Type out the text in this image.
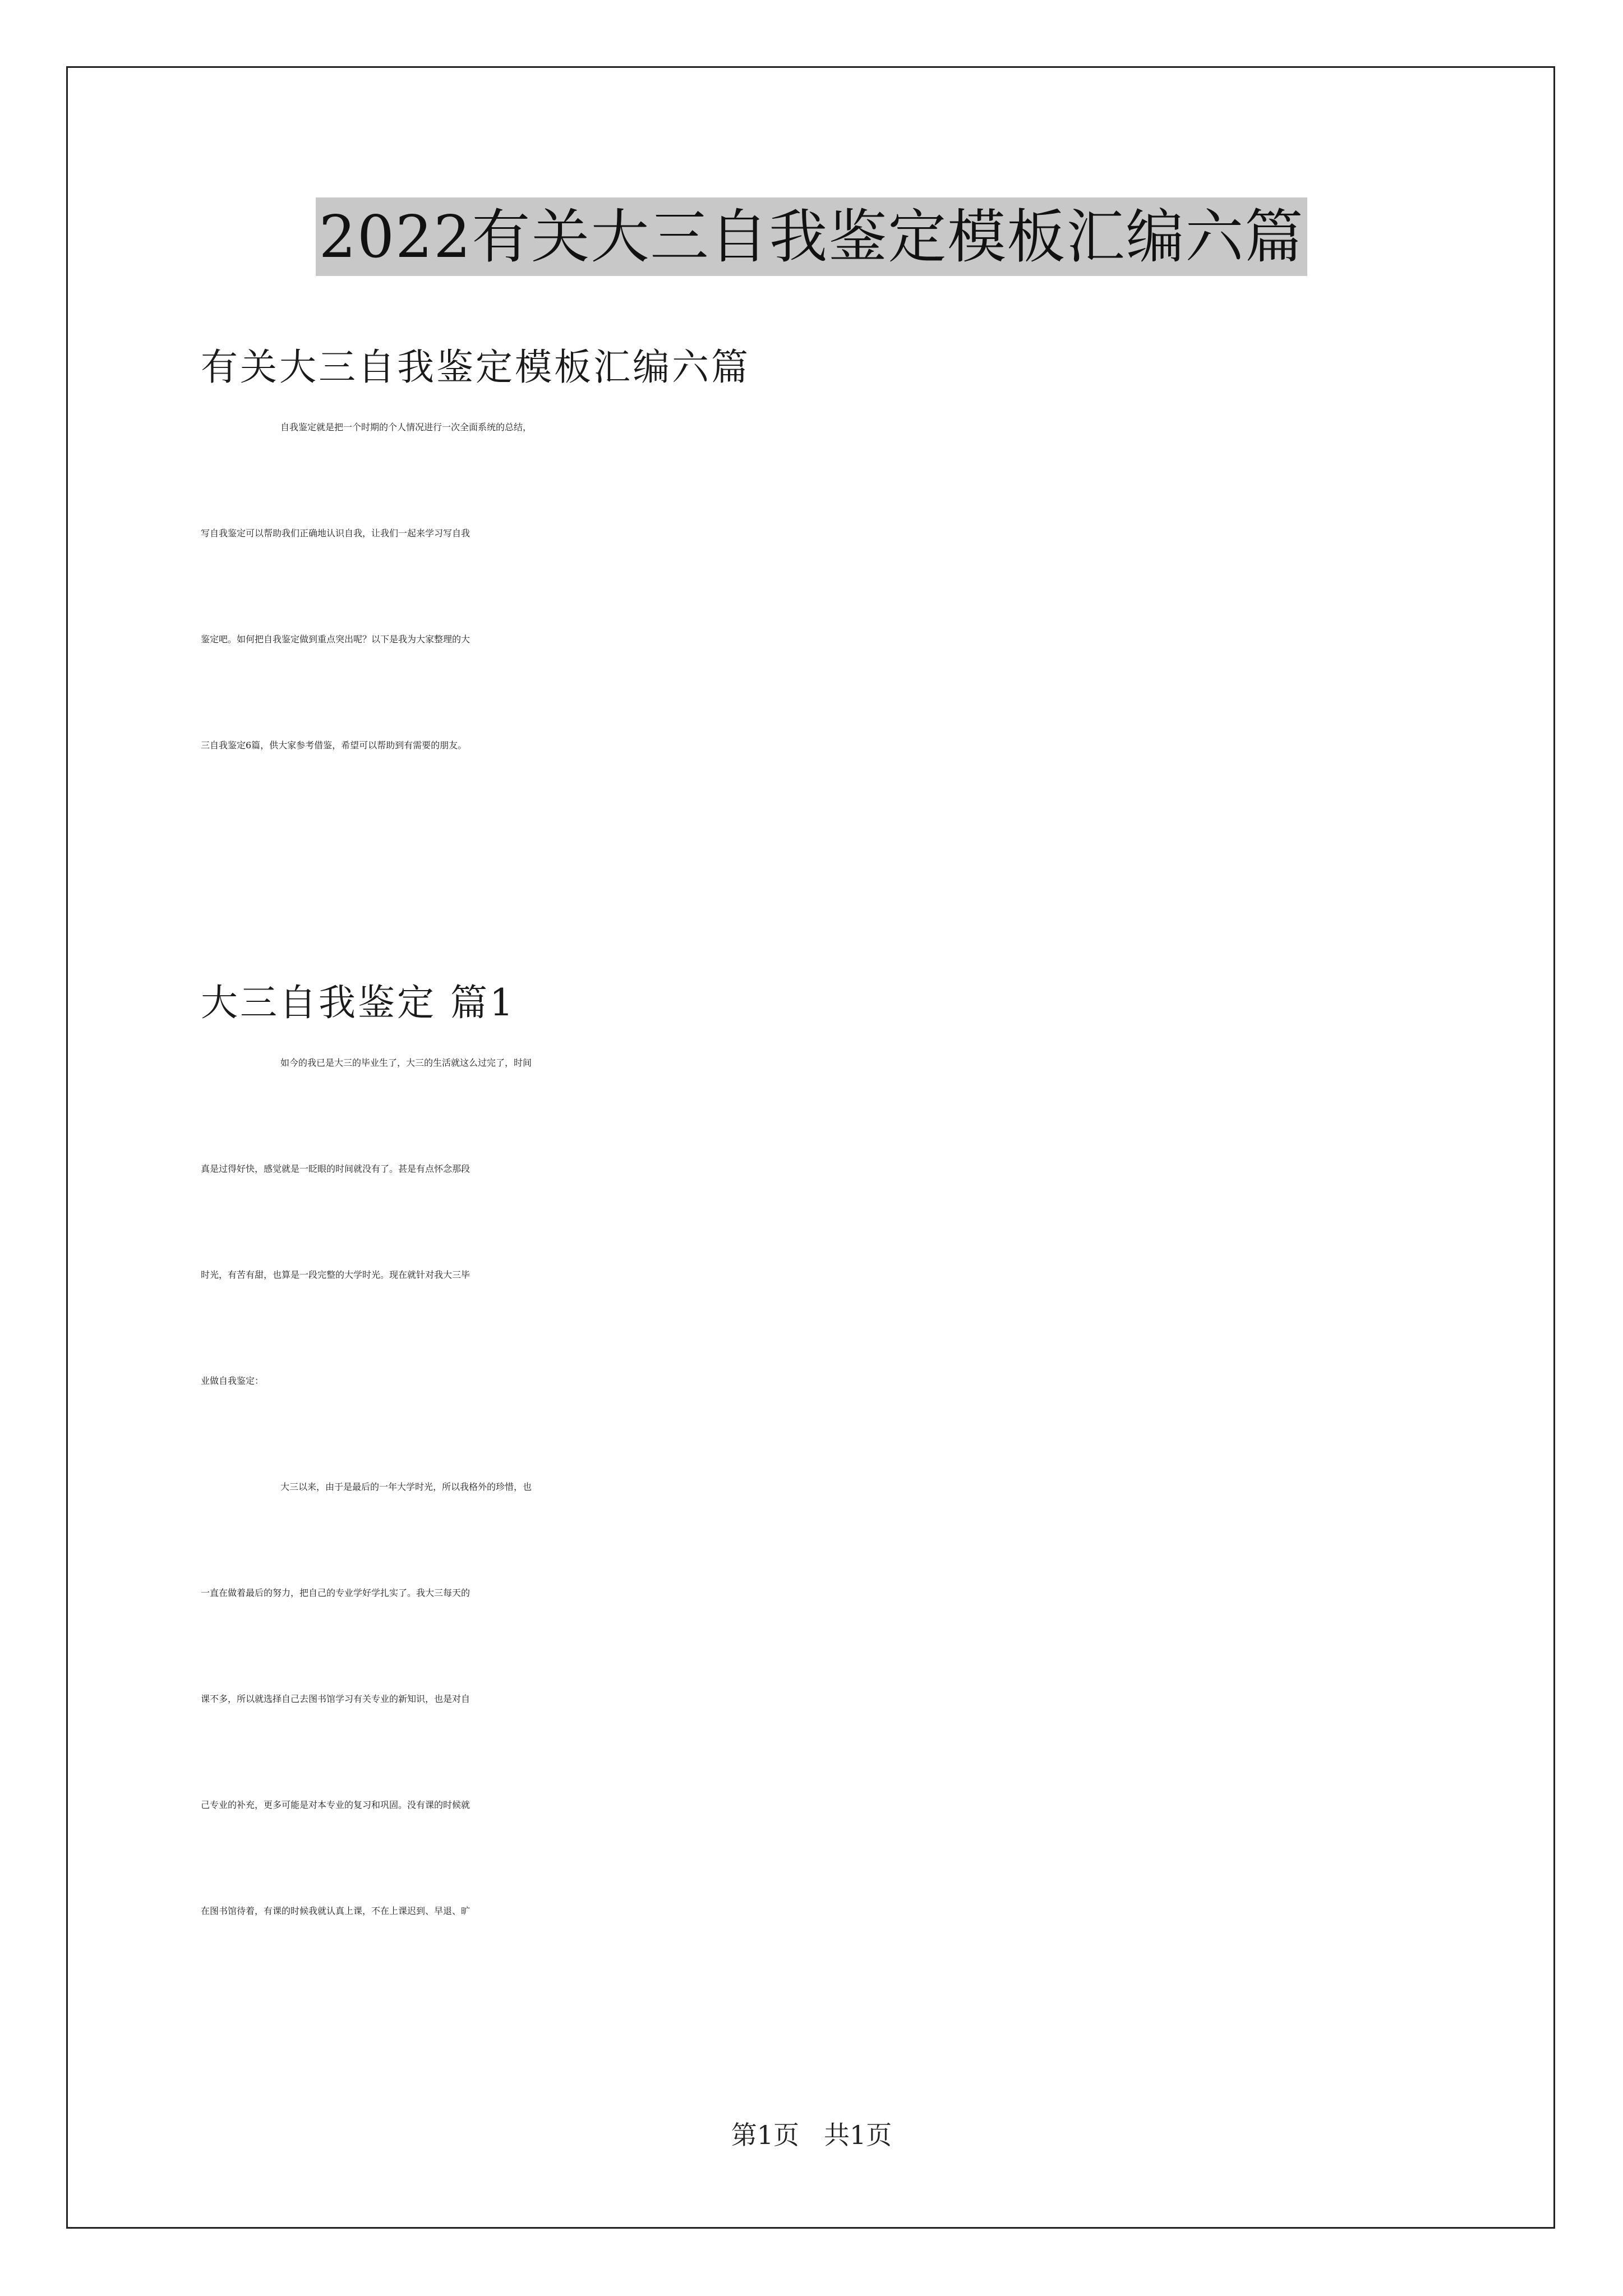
2022有关大三自我鉴定模板汇编六篇
有关大三自我鉴定模板汇编六篇
自我鉴定就是把一个时期的个人情况进行一次全面系统的总结，
写自我鉴定可以帮助我们正确地认识自我，让我们一起来学习写自我
鉴定吧。如何把自我鉴定做到重点突出呢？以下是我为大家整理的大
三自我鉴定6篇，供大家参考借鉴，希望可以帮助到有需要的朋友。
大三自我鉴定 篇1
如今的我已是大三的毕业生了，大三的生活就这么过完了，时间
真是过得好快，感觉就是一眨眼的时间就没有了。甚是有点怀念那段
时光，有苦有甜，也算是一段完整的大学时光。现在就针对我大三毕
业做自我鉴定：
大三以来，由于是最后的一年大学时光，所以我格外的珍惜，也
一直在做着最后的努力，把自己的专业学好学扎实了。我大三每天的
课不多，所以就选择自己去图书馆学习有关专业的新知识，也是对自
己专业的补充，更多可能是对本专业的复习和巩固。没有课的时候就
在图书馆待着，有课的时候我就认真上课，不在上课迟到、早退、旷
第1页 共1页
